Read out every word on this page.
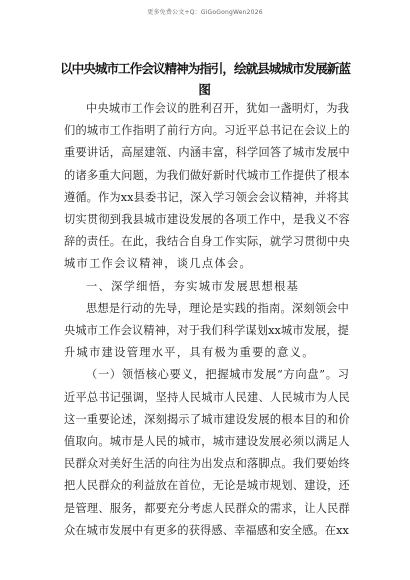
更多免费公文+Q：GiGoGongWen2026
以中央城市工作会议精神为指引，绘就县城城市发展新蓝
图
中央城市工作会议的胜利召开，犹如一盏明灯，为我
们的城市工作指明了前行方向。习近平总书记在会议上的
重要讲话，高屋建瓴、内涵丰富，科学回答了城市发展中
的诸多重大问题，为我们做好新时代城市工作提供了根本
遵循。作为xx县委书记，深入学习领会会议精神，并将其
切实贯彻到我县城市建设发展的各项工作中，是我义不容
辞的责任。在此，我结合自身工作实际，就学习贯彻中央
城市工作会议精神，谈几点体会。
一、深学细悟，夯实城市发展思想根基
思想是行动的先导，理论是实践的指南。深刻领会中
央城市工作会议精神，对于我们科学谋划xx城市发展，提
升城市建设管理水平，具有极为重要的意义。
（一）领悟核心要义，把握城市发展“方向盘”。习
近平总书记强调，坚持人民城市人民建、人民城市为人民
这一重要论述，深刻揭示了城市建设发展的根本目的和价
值取向。城市是人民的城市，城市建设发展必须以满足人
民群众对美好生活的向往为出发点和落脚点。我们要始终
把人民群众的利益放在首位，无论是城市规划、建设，还
是管理、服务，都要充分考虑人民群众的需求，让人民群
众在城市发展中有更多的获得感、幸福感和安全感。在xx
